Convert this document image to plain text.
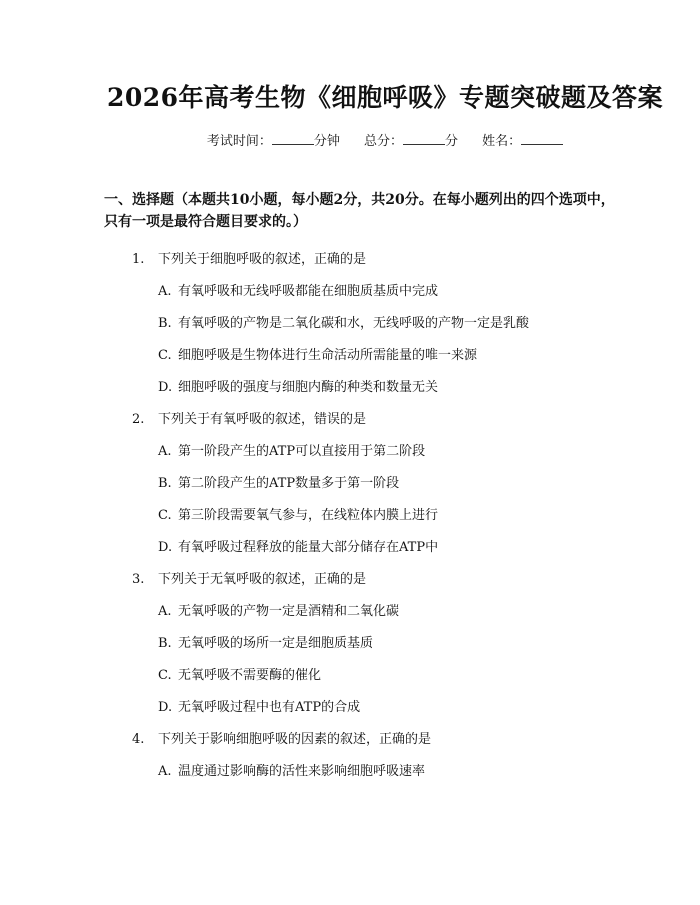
2026年高考生物《细胞呼吸》专题突破题及答案
考试时间：	分钟 总分：	分 姓名：
一、选择题（本题共10小题，每小题2分，共20分。在每小题列出的四个选项中，只有一项是最符合题目要求的。）
1.	下列关于细胞呼吸的叙述，正确的是
A. 有氧呼吸和无线呼吸都能在细胞质基质中完成
B. 有氧呼吸的产物是二氧化碳和水，无线呼吸的产物一定是乳酸
C. 细胞呼吸是生物体进行生命活动所需能量的唯一来源
D. 细胞呼吸的强度与细胞内酶的种类和数量无关
2.	下列关于有氧呼吸的叙述，错误的是
A. 第一阶段产生的ATP可以直接用于第二阶段
B. 第二阶段产生的ATP数量多于第一阶段
C. 第三阶段需要氧气参与，在线粒体内膜上进行
D. 有氧呼吸过程释放的能量大部分储存在ATP中
3.	下列关于无氧呼吸的叙述，正确的是
A. 无氧呼吸的产物一定是酒精和二氧化碳
B. 无氧呼吸的场所一定是细胞质基质
C. 无氧呼吸不需要酶的催化
D. 无氧呼吸过程中也有ATP的合成
4.	下列关于影响细胞呼吸的因素的叙述，正确的是
A. 温度通过影响酶的活性来影响细胞呼吸速率
